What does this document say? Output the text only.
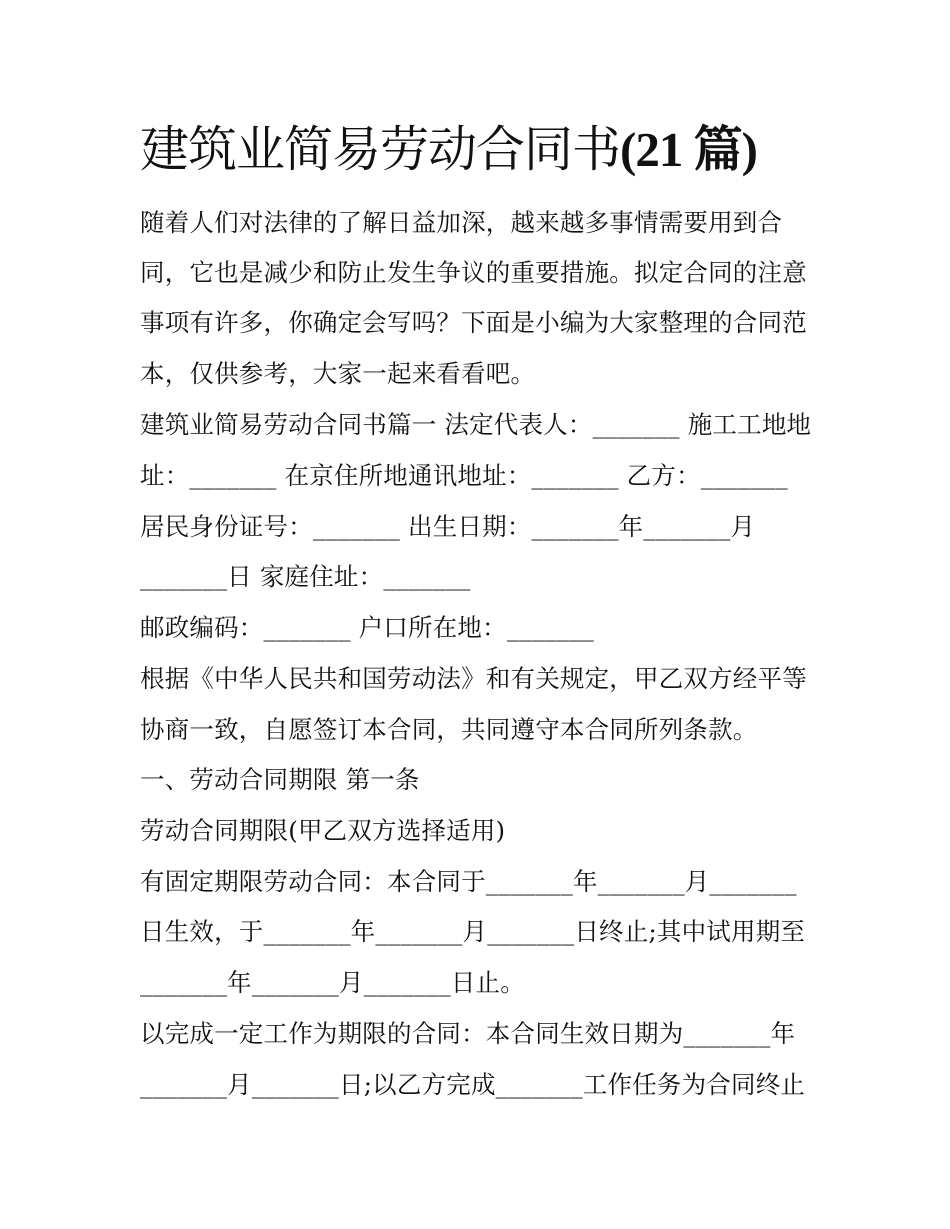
建筑业简易劳动合同书(21 篇)
随着人们对法律的了解日益加深，越来越多事情需要用到合
同，它也是减少和防止发生争议的重要措施。拟定合同的注意
事项有许多，你确定会写吗？下面是小编为大家整理的合同范
本，仅供参考，大家一起来看看吧。
建筑业简易劳动合同书篇一 法定代表人：_______ 施工工地地
址：_______ 在京住所地通讯地址：_______ 乙方：_______
居民身份证号：_______ 出生日期：_______年_______月
_______日 家庭住址：_______
邮政编码：_______ 户口所在地：_______
根据《中华人民共和国劳动法》和有关规定，甲乙双方经平等
协商一致，自愿签订本合同，共同遵守本合同所列条款。
一、劳动合同期限 第一条
劳动合同期限(甲乙双方选择适用)
有固定期限劳动合同：本合同于_______年_______月_______
日生效，于_______年_______月_______日终止;其中试用期至
_______年_______月_______日止。
以完成一定工作为期限的合同：本合同生效日期为_______年
_______月_______日;以乙方完成_______工作任务为合同终止
